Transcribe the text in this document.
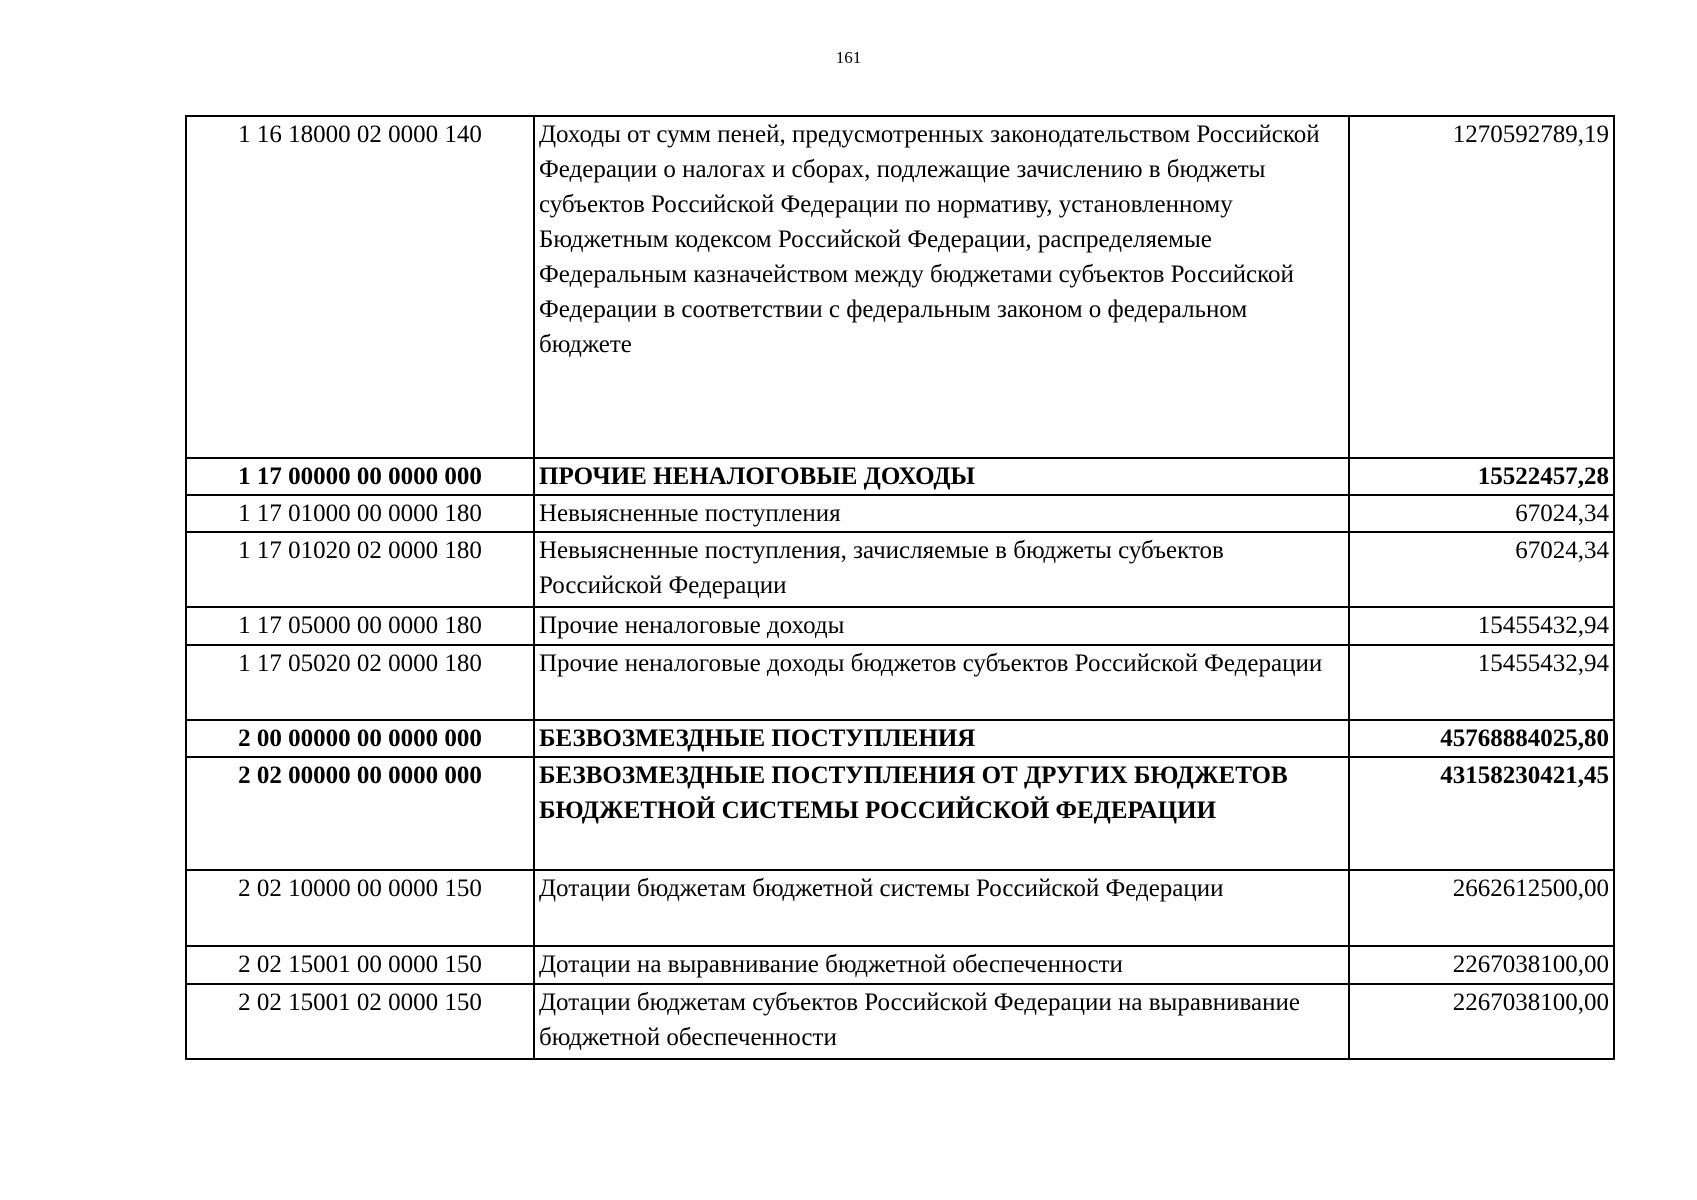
161
1 16 18000 02 0000 140	Доходы от сумм пеней, предусмотренных законодательством Российской Федерации о налогах и сборах, подлежащие зачислению в бюджеты субъектов Российской Федерации по нормативу, установленному Бюджетным кодексом Российской Федерации, распределяемые Федеральным казначейством между бюджетами субъектов Российской Федерации в соответствии с федеральным законом о федеральном бюджете	1270592789,19
1 17 00000 00 0000 000	ПРОЧИЕ НЕНАЛОГОВЫЕ ДОХОДЫ	15522457,28
1 17 01000 00 0000 180	Невыясненные поступления	67024,34
1 17 01020 02 0000 180	Невыясненные поступления, зачисляемые в бюджеты субъектов Российской Федерации	67024,34
1 17 05000 00 0000 180	Прочие неналоговые доходы	15455432,94
1 17 05020 02 0000 180	Прочие неналоговые доходы бюджетов субъектов Российской Федерации	15455432,94
2 00 00000 00 0000 000	БЕЗВОЗМЕЗДНЫЕ ПОСТУПЛЕНИЯ	45768884025,80
2 02 00000 00 0000 000	БЕЗВОЗМЕЗДНЫЕ ПОСТУПЛЕНИЯ ОТ ДРУГИХ БЮДЖЕТОВ БЮДЖЕТНОЙ СИСТЕМЫ РОССИЙСКОЙ ФЕДЕРАЦИИ	43158230421,45
2 02 10000 00 0000 150	Дотации бюджетам бюджетной системы Российской Федерации	2662612500,00
2 02 15001 00 0000 150	Дотации на выравнивание бюджетной обеспеченности	2267038100,00
2 02 15001 02 0000 150	Дотации бюджетам субъектов Российской Федерации на выравнивание бюджетной обеспеченности	2267038100,00
